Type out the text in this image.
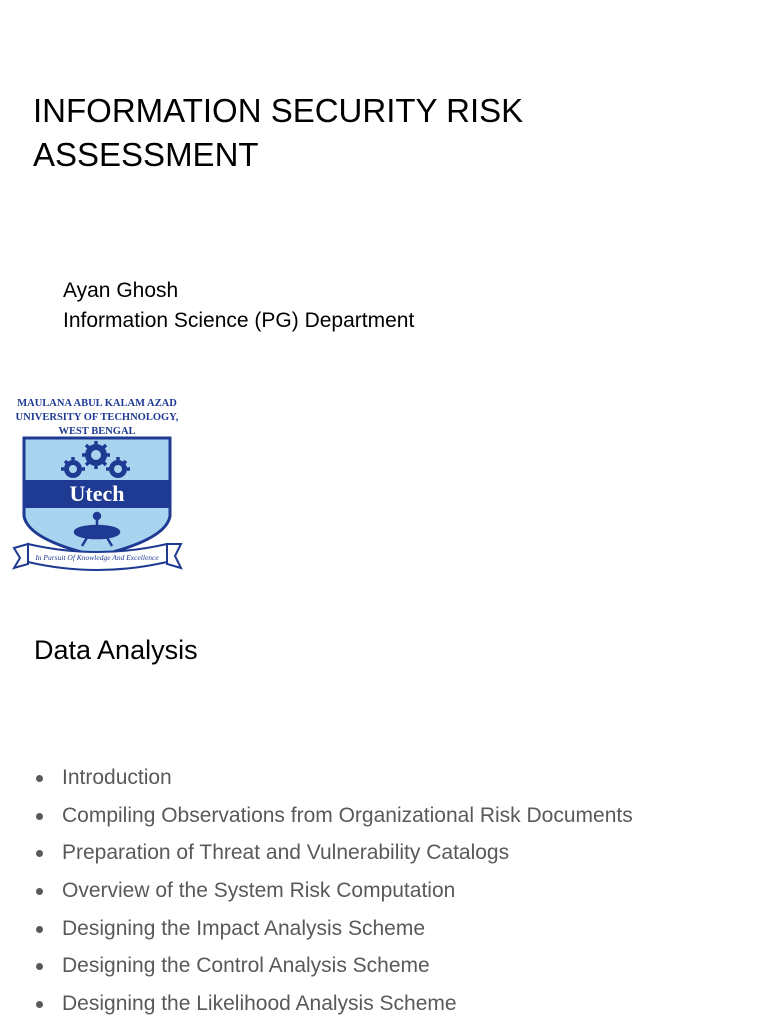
INFORMATION SECURITY RISK
ASSESSMENT
Ayan Ghosh
Information Science (PG) Department
MAULANA ABUL KALAM AZAD
UNIVERSITY OF TECHNOLOGY,
WEST BENGAL
Utech
In Pursuit Of Knowledge And Excellence
Data Analysis
Introduction
Compiling Observations from Organizational Risk Documents
Preparation of Threat and Vulnerability Catalogs
Overview of the System Risk Computation
Designing the Impact Analysis Scheme
Designing the Control Analysis Scheme
Designing the Likelihood Analysis Scheme
